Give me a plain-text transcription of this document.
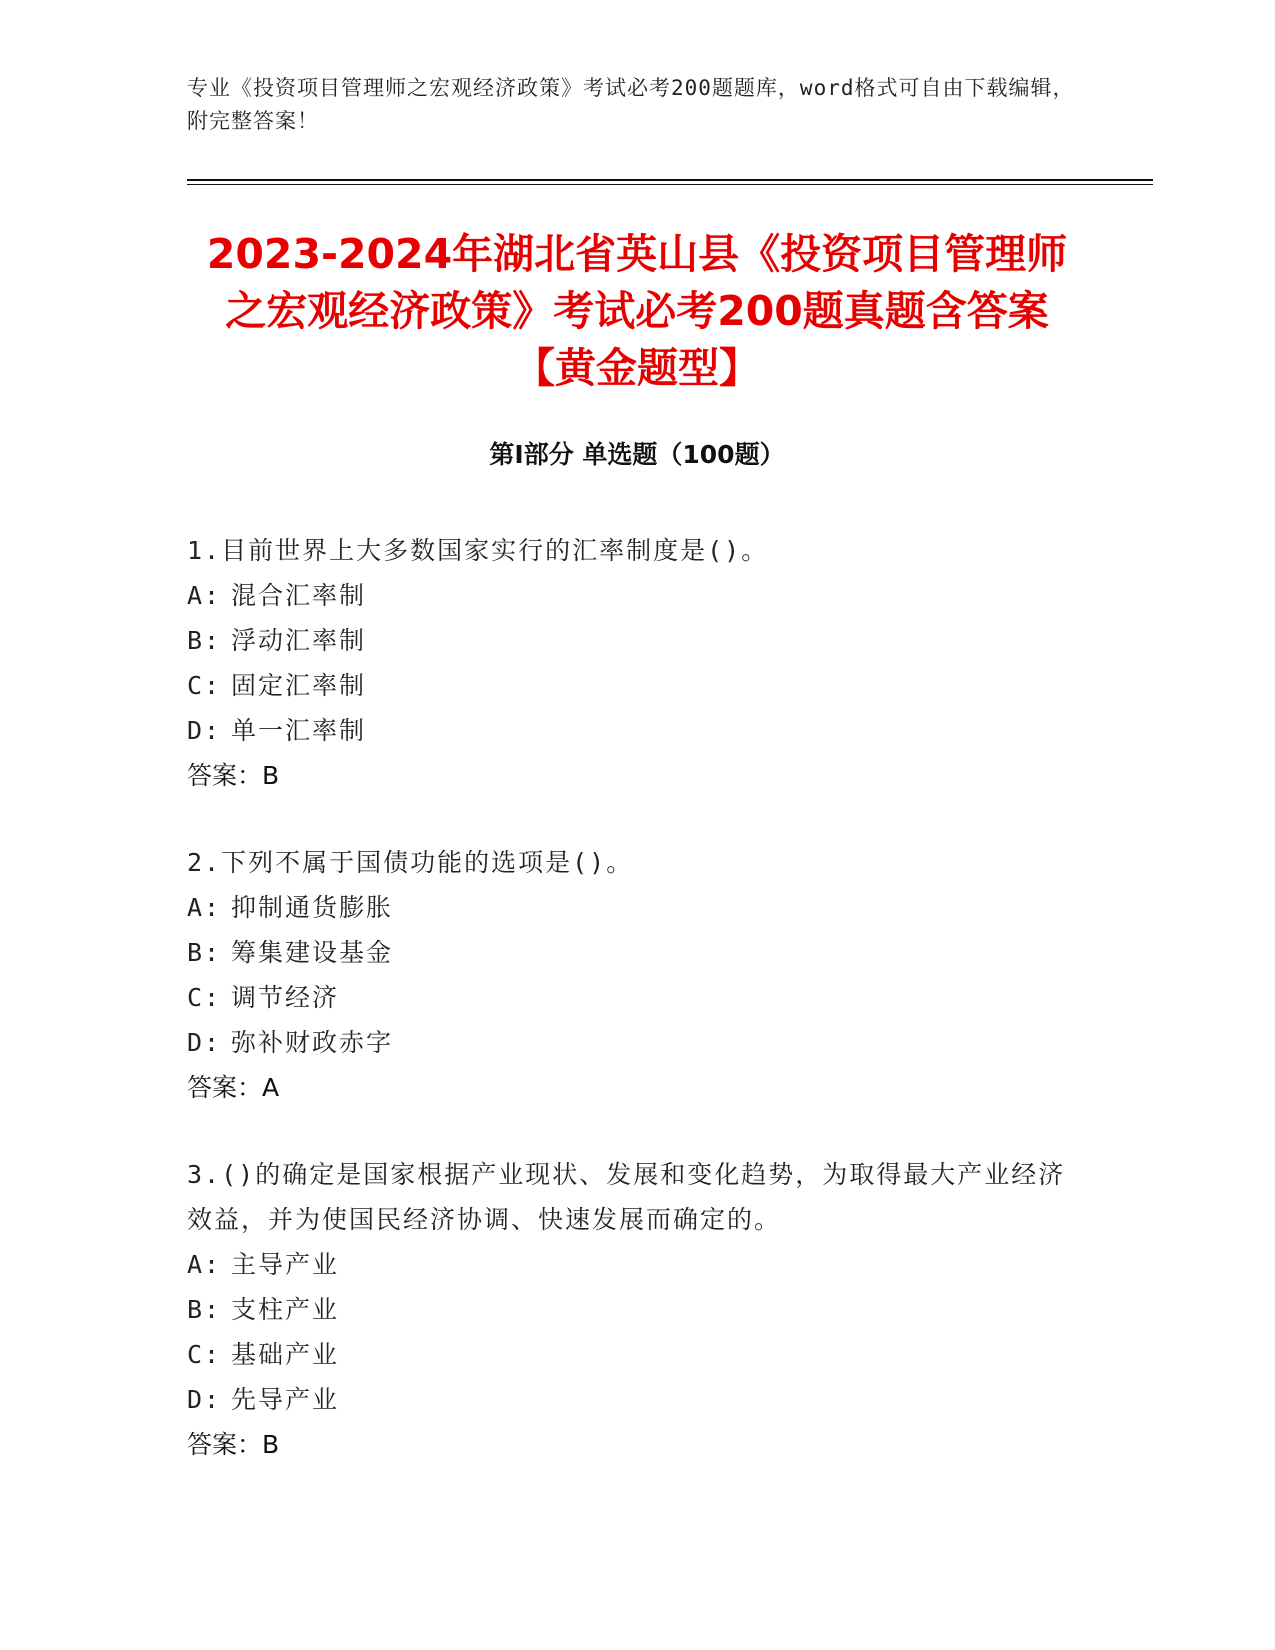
专业《投资项目管理师之宏观经济政策》考试必考200题题库，word格式可自由下载编辑，附完整答案！
2023-2024年湖北省英山县《投资项目管理师之宏观经济政策》考试必考200题真题含答案【黄金题型】
第I部分 单选题（100题）
1.目前世界上大多数国家实行的汇率制度是()。
A: 混合汇率制
B: 浮动汇率制
C: 固定汇率制
D: 单一汇率制
答案：B
2.下列不属于国债功能的选项是()。
A: 抑制通货膨胀
B: 筹集建设基金
C: 调节经济
D: 弥补财政赤字
答案：A
3.()的确定是国家根据产业现状、发展和变化趋势，为取得最大产业经济效益，并为使国民经济协调、快速发展而确定的。
A: 主导产业
B: 支柱产业
C: 基础产业
D: 先导产业
答案：B
